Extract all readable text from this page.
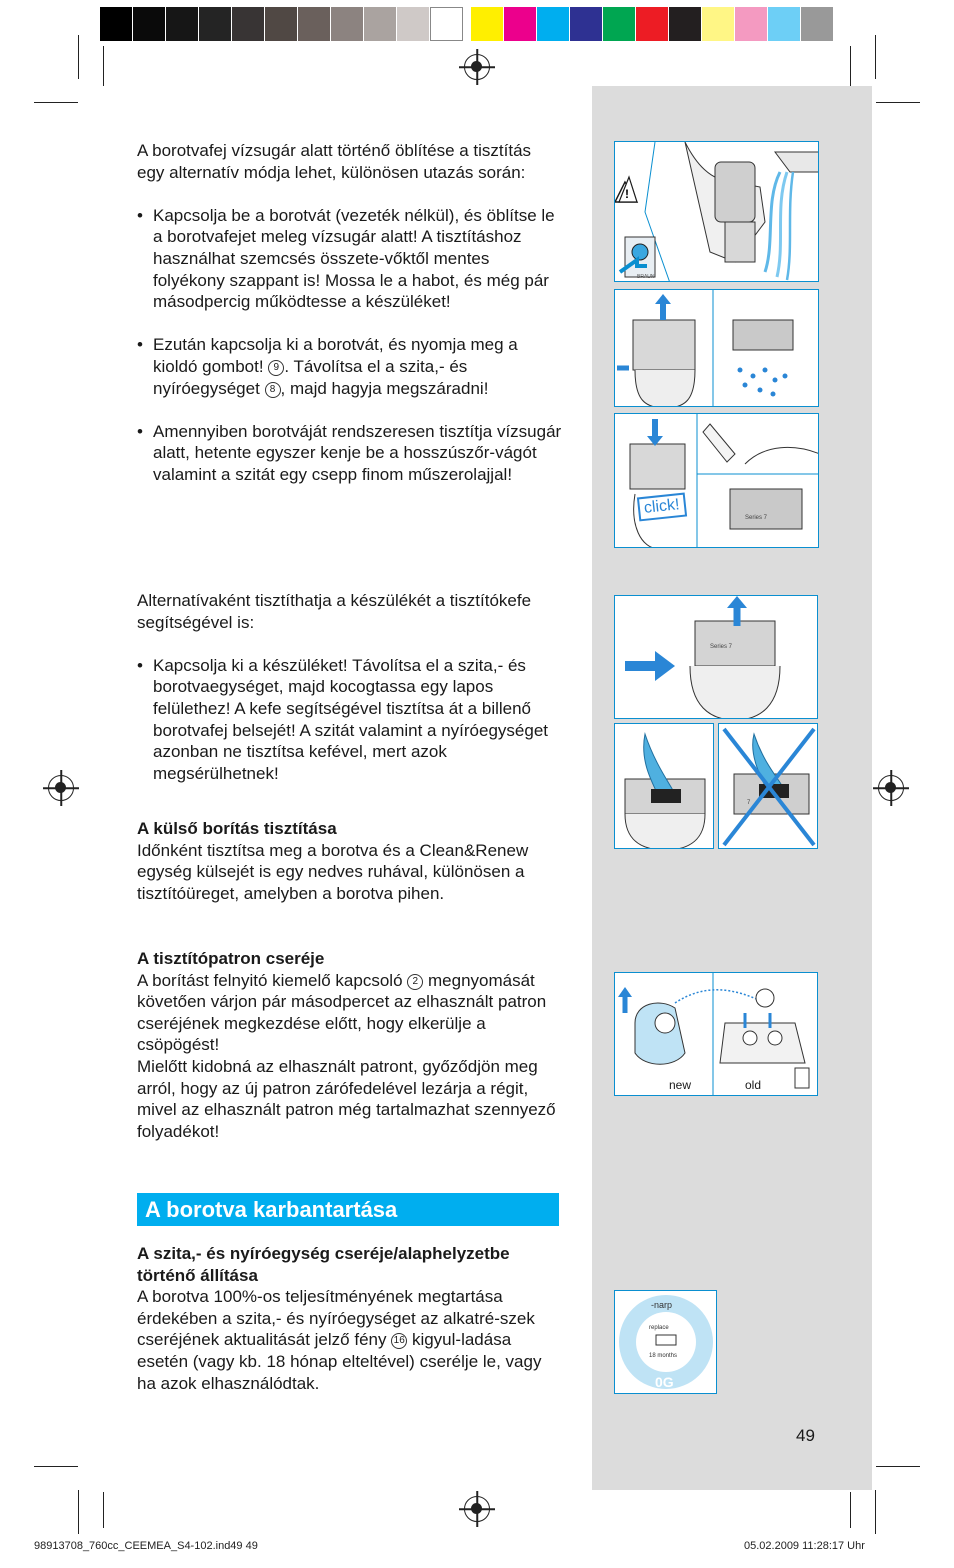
A borotvafej vízsugár alatt történő öblítése a tisztítás egy alternatív módja lehet, különösen utazás során:

• Kapcsolja be a borotvát (vezeték nélkül), és öblítse le a borotvafejet meleg vízsugár alatt! A tisztításhoz használhat szemcsés összete-vőktől mentes folyékony szappant is! Mossa le a habot, és még pár másodpercig működtesse a készüléket!

• Ezután kapcsolja ki a borotvát, és nyomja meg a kioldó gombot! 9 . Távolítsa el a szita,- és nyíróegységet 8 , majd hagyja megszáradni!

• Amennyiben borotváját rendszeresen tisztítja vízsugár alatt, hetente egyszer kenje be a hosszúszőr-vágót valamint a szitát egy csepp finom műszerolajjal!

Alternatívaként tisztíthatja a készülékét a tisztítókefe segítségével is:

• Kapcsolja ki a készüléket! Távolítsa el a szita,- és borotvaegységet, majd kocogtassa egy lapos felülethez! A kefe segítségével tisztítsa át a billenő borotvafej belsejét! A szitát valamint a nyíróegységet azonban ne tisztítsa kefével, mert azok megsérülhetnek!

A külső borítás tisztítása

Időnként tisztítsa meg a borotva és a Clean&Renew egység külsejét is egy nedves ruhával, különösen a tisztítóüreget, amelyben a borotva pihen.

A tisztítópatron cseréje

A borítást felnyitó kiemelő kapcsoló 2 megnyomását követően várjon pár másodpercet az elhasznált patron cseréjének megkezdése előtt, hogy elkerülje a csöpögést!

Mielőtt kidobná az elhasznált patront, győződjön meg arról, hogy az új patron zárófedelével lezárja a régit, mivel az elhasznált patron még tartalmazhat szennyező folyadékot!

A borotva karbantartása

A szita,- és nyíróegység cseréje/alaphelyzetbe történő állítása

A borotva 100%-os teljesítményének megtartása érdekében a szita,- és nyíróegységet az alkatré-szek cseréjének aktualitását jelző fény 16 kigyul-ladása esetén (vagy kb. 18 hónap elteltével) cserélje le, vagy ha azok elhasználódtak.

!
BRAUN
Series 7
click!
Series 7
7
new	old
-narp
replace
18 months
0G
49
98913708_760cc_CEEMEA_S4-102.ind49 49	05.02.2009 11:28:17 Uhr
